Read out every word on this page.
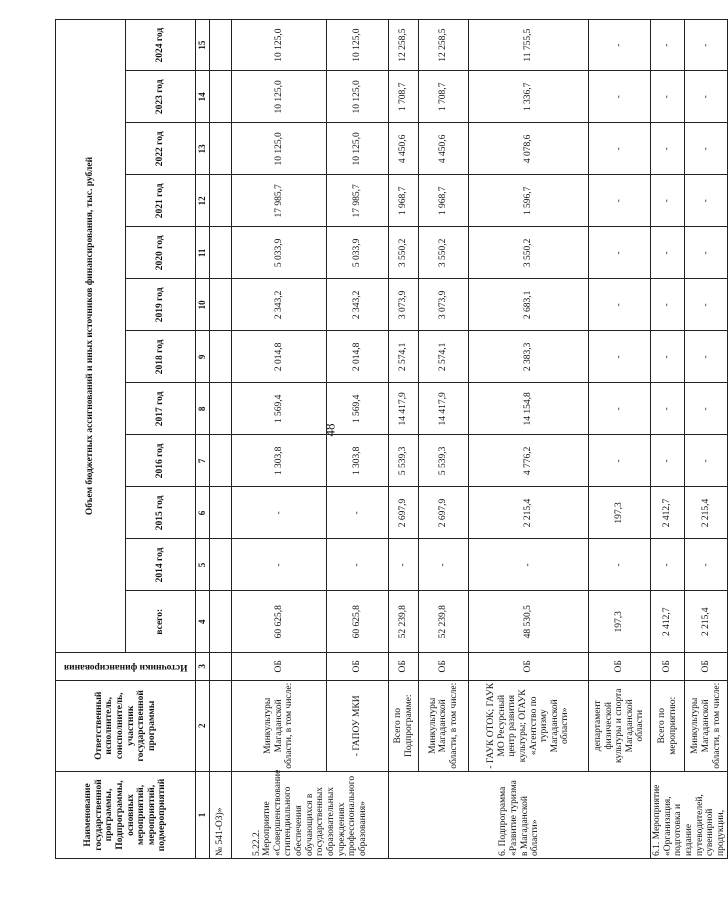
48
Наименование государственной программы, Подпрограммы, основных мероприятий, мероприятий, подмероприятий	Ответственный исполнитель, соисполнитель, участник государственной программы	Источники финансирования	Объем бюджетных ассигнований и иных источников финансирования, тыс. рублей											
			всего:	2014 год	2015 год	2016 год	2017 год	2018 год	2019 год	2020 год	2021 год	2022 год	2023 год	2024 год
1	2	3	4	5	6	7	8	9	10	11	12	13	14	15
№ 541-ОЗ)»														
5.22.2. Мероприятие «Совершенствование стипендиального обеспечения обучающихся в государственных образовательных учреждениях профессионального образования»	Минкультуры Магаданской области, в том числе:	ОБ	60 625,8	-	-	1 303,8	1 569,4	2 014,8	2 343,2	5 033,9	17 985,7	10 125,0	10 125,0	10 125,0
	- ГАПОУ МКИ	ОБ	60 625,8	-	-	1 303,8	1 569,4	2 014,8	2 343,2	5 033,9	17 985,7	10 125,0	10 125,0	10 125,0
6. Подпрограмма «Развитие туризма в Магаданской области»	Всего по Подпрограмме:	ОБ	52 239,8	-	2 697,9	5 539,3	14 417,9	2 574,1	3 073,9	3 550,2	1 968,7	4 450,6	1 708,7	12 258,5
	Минкультуры Магаданской области, в том числе:	ОБ	52 239,8	-	2 697,9	5 539,3	14 417,9	2 574,1	3 073,9	3 550,2	1 968,7	4 450,6	1 708,7	12 258,5
	- ГАУК ОТОК; ГАУК МО Ресурсный центр развития культуры; ОГАУК «Агентство по туризму Магаданской области»	ОБ	48 530,5	-	2 215,4	4 776,2	14 154,8	2 383,3	2 683,1	3 550,2	1 596,7	4 078,6	1 336,7	11 755,5
	департамент физической культуры и спорта Магаданской области	ОБ	197,3	-	197,3	-	-	-	-	-	-	-	-	-
6.1. Мероприятие «Организация, подготовка и издание путеводителей, сувенирной продукции,	Всего по мероприятию:	ОБ	2 412,7	-	2 412,7	-	-	-	-	-	-	-	-	-
	Минкультуры Магаданской области, в том числе:	ОБ	2 215,4	-	2 215,4	-	-	-	-	-	-	-	-	-
